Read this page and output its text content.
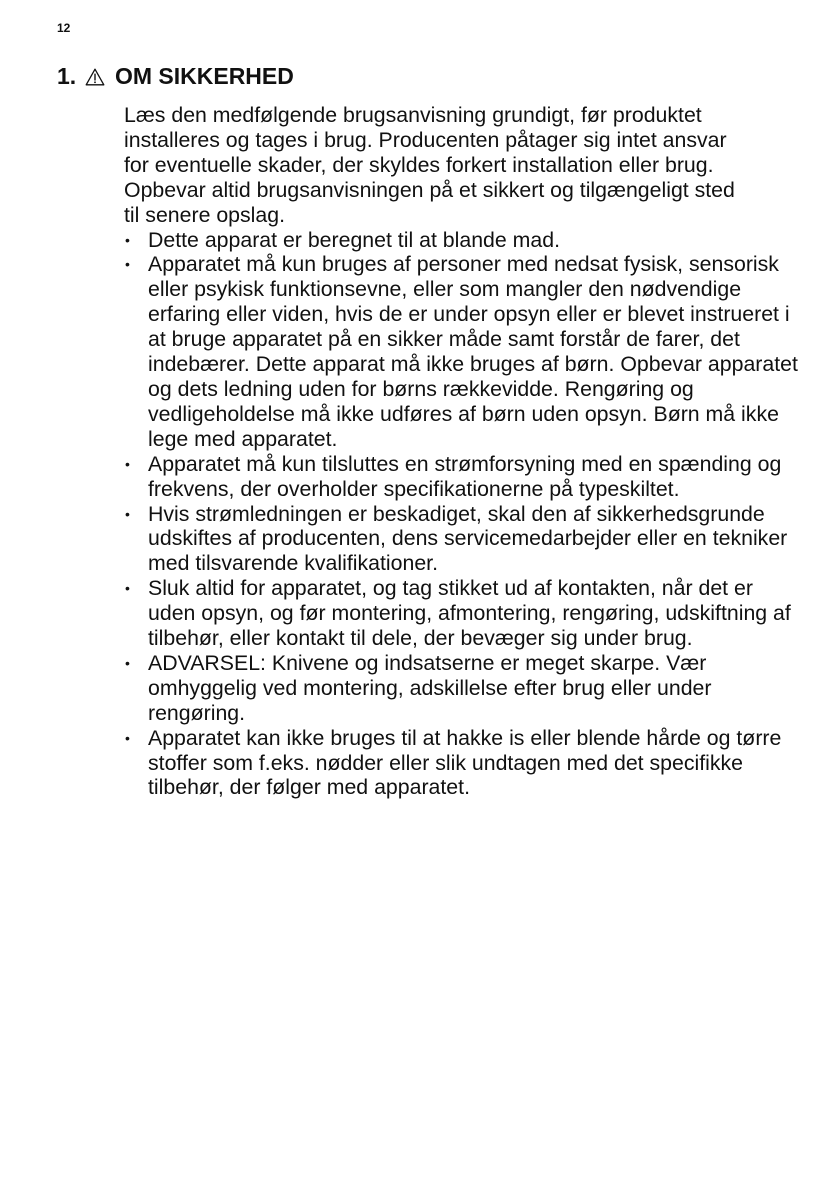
12
1. OM SIKKERHED

Læs den medfølgende brugsanvisning grundigt, før produktet installeres og tages i brug. Producenten påtager sig intet ansvar for eventuelle skader, der skyldes forkert installation eller brug. Opbevar altid brugsanvisningen på et sikkert og tilgængeligt sted til senere opslag.

• Dette apparat er beregnet til at blande mad.
• Apparatet må kun bruges af personer med nedsat fysisk, sensorisk eller psykisk funktionsevne, eller som mangler den nødvendige erfaring eller viden, hvis de er under opsyn eller er blevet instrueret i at bruge apparatet på en sikker måde samt forstår de farer, det indebærer. Dette apparat må ikke bruges af børn. Opbevar apparatet og dets ledning uden for børns rækkevidde. Rengøring og vedligeholdelse må ikke udføres af børn uden opsyn. Børn må ikke lege med apparatet.
• Apparatet må kun tilsluttes en strømforsyning med en spænding og frekvens, der overholder specifikationerne på typeskiltet.
• Hvis strømledningen er beskadiget, skal den af sikkerhedsgrunde udskiftes af producenten, dens servicemedarbejder eller en tekniker med tilsvarende kvalifikationer.
• Sluk altid for apparatet, og tag stikket ud af kontakten, når det er uden opsyn, og før montering, afmontering, rengøring, udskiftning af tilbehør, eller kontakt til dele, der bevæger sig under brug.
• ADVARSEL: Knivene og indsatserne er meget skarpe. Vær omhyggelig ved montering, adskillelse efter brug eller under rengøring.
• Apparatet kan ikke bruges til at hakke is eller blende hårde og tørre stoffer som f.eks. nødder eller slik undtagen med det specifikke tilbehør, der følger med apparatet.
